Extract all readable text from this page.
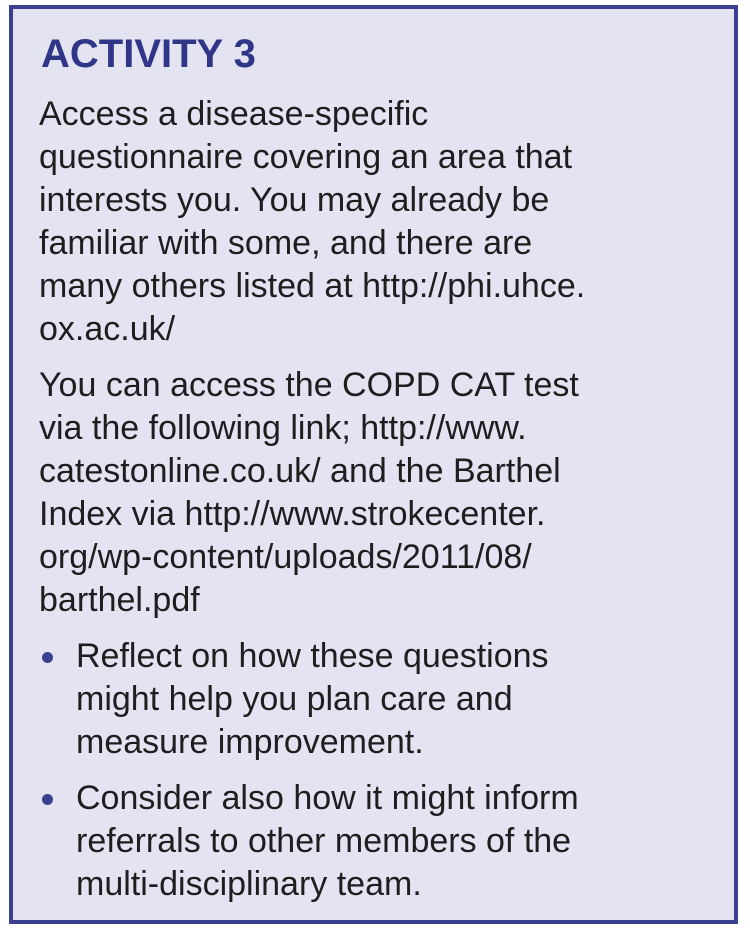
ACTIVITY 3
Access a disease-specific
questionnaire covering an area that
interests you. You may already be
familiar with some, and there are
many others listed at http://phi.uhce.
ox.ac.uk/
You can access the COPD CAT test
via the following link; http://www.
catestonline.co.uk/ and the Barthel
Index via http://www.strokecenter.
org/wp-content/uploads/2011/08/
barthel.pdf
Reflect on how these questions
might help you plan care and
measure improvement.
Consider also how it might inform
referrals to other members of the
multi-disciplinary team.
